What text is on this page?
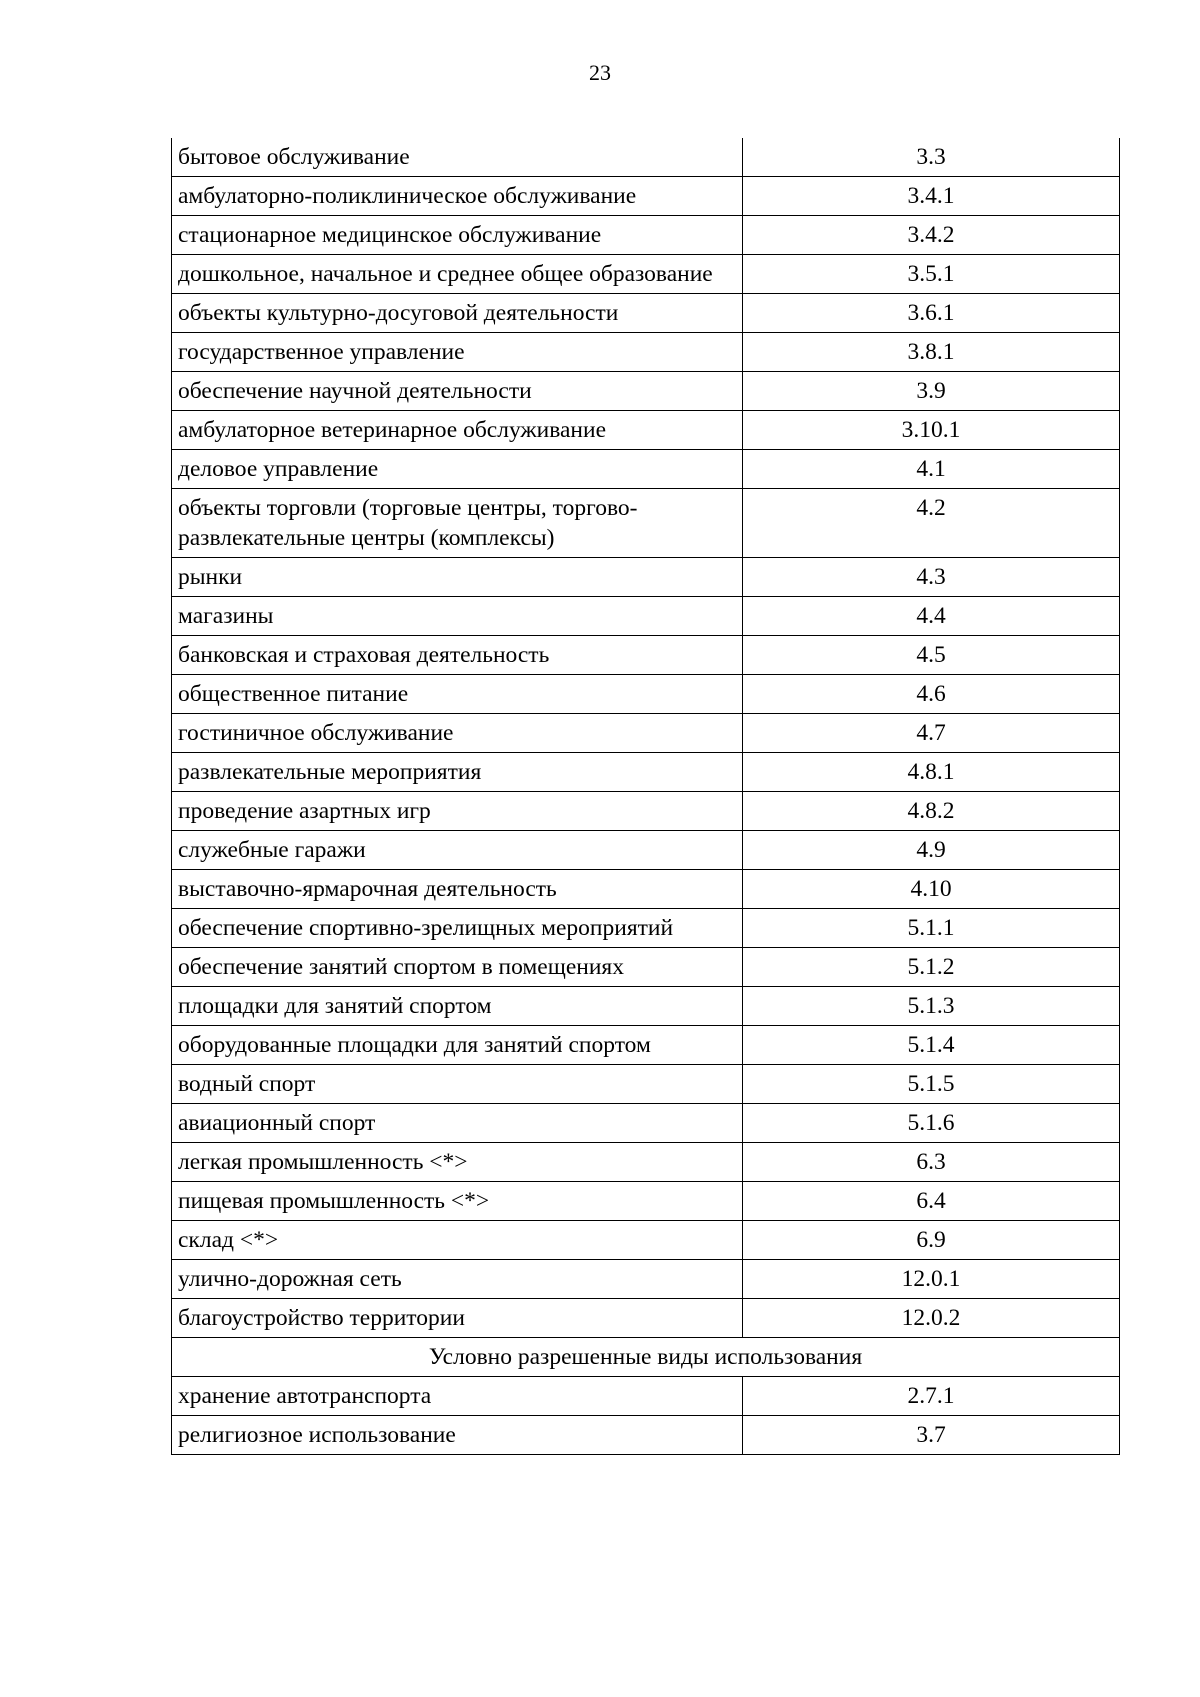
23
бытовое обслуживание	3.3
амбулаторно-поликлиническое обслуживание	3.4.1
стационарное медицинское обслуживание	3.4.2
дошкольное, начальное и среднее общее образование	3.5.1
объекты культурно-досуговой деятельности	3.6.1
государственное управление	3.8.1
обеспечение научной деятельности	3.9
амбулаторное ветеринарное обслуживание	3.10.1
деловое управление	4.1
объекты торговли (торговые центры, торгово-развлекательные центры (комплексы)	4.2
рынки	4.3
магазины	4.4
банковская и страховая деятельность	4.5
общественное питание	4.6
гостиничное обслуживание	4.7
развлекательные мероприятия	4.8.1
проведение азартных игр	4.8.2
служебные гаражи	4.9
выставочно-ярмарочная деятельность	4.10
обеспечение спортивно-зрелищных мероприятий	5.1.1
обеспечение занятий спортом в помещениях	5.1.2
площадки для занятий спортом	5.1.3
оборудованные площадки для занятий спортом	5.1.4
водный спорт	5.1.5
авиационный спорт	5.1.6
легкая промышленность <*>	6.3
пищевая промышленность <*>	6.4
склад <*>	6.9
улично-дорожная сеть	12.0.1
благоустройство территории	12.0.2
Условно разрешенные виды использования	
хранение автотранспорта	2.7.1
религиозное использование	3.7
